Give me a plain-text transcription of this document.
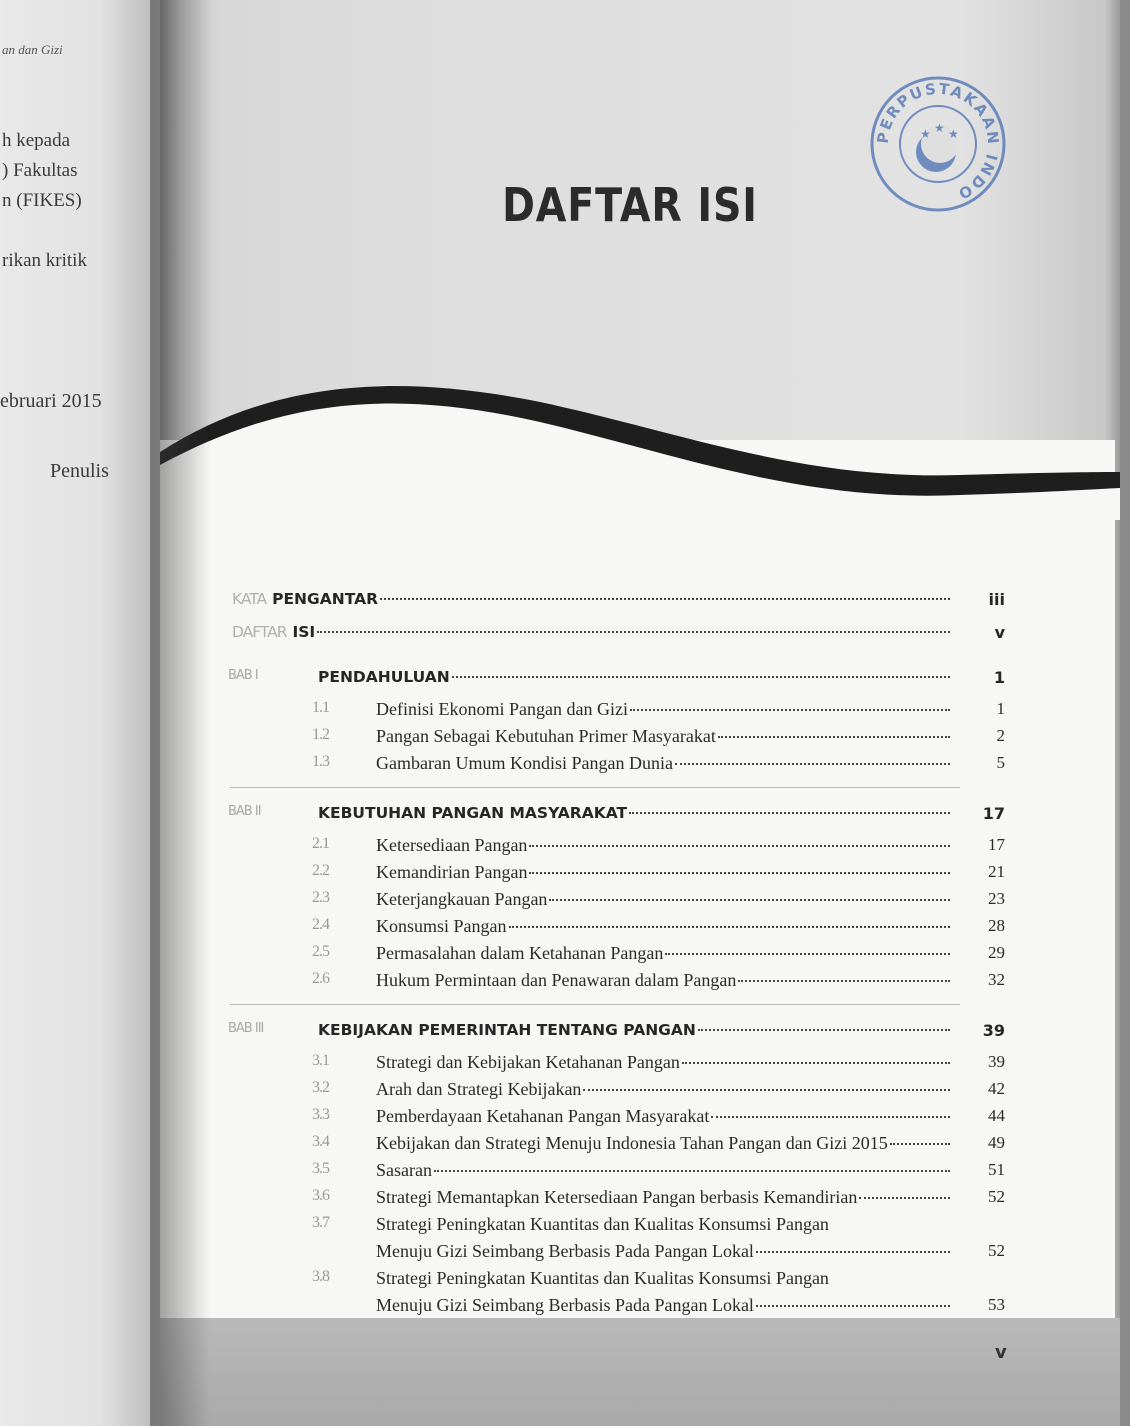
an dan Gizi
h kepada
) Fakultas
n (FIKES)
rikan kritik
ebruari 2015
Penulis
DAFTAR ISI
PERPUSTAKAAN INDO
★ ★ ★
KATA PENGANTAR	iii
DAFTAR ISI	v
BAB I	PENDAHULUAN	1
1.1	Definisi Ekonomi Pangan dan Gizi	1
1.2	Pangan Sebagai Kebutuhan Primer Masyarakat	2
1.3	Gambaran Umum Kondisi Pangan Dunia	5
BAB II	KEBUTUHAN PANGAN MASYARAKAT	17
2.1	Ketersediaan Pangan	17
2.2	Kemandirian Pangan	21
2.3	Keterjangkauan Pangan	23
2.4	Konsumsi Pangan	28
2.5	Permasalahan dalam Ketahanan Pangan	29
2.6	Hukum Permintaan dan Penawaran dalam Pangan	32
BAB III	KEBIJAKAN PEMERINTAH TENTANG PANGAN	39
3.1	Strategi dan Kebijakan Ketahanan Pangan	39
3.2	Arah dan Strategi Kebijakan	42
3.3	Pemberdayaan Ketahanan Pangan Masyarakat	44
3.4	Kebijakan dan Strategi Menuju Indonesia Tahan Pangan dan Gizi 2015	49
3.5	Sasaran	51
3.6	Strategi Memantapkan Ketersediaan Pangan berbasis Kemandirian	52
3.7	Strategi Peningkatan Kuantitas dan Kualitas Konsumsi Pangan
Menuju Gizi Seimbang Berbasis Pada Pangan Lokal	52
3.8	Strategi Peningkatan Kuantitas dan Kualitas Konsumsi Pangan
Menuju Gizi Seimbang Berbasis Pada Pangan Lokal	53
v
